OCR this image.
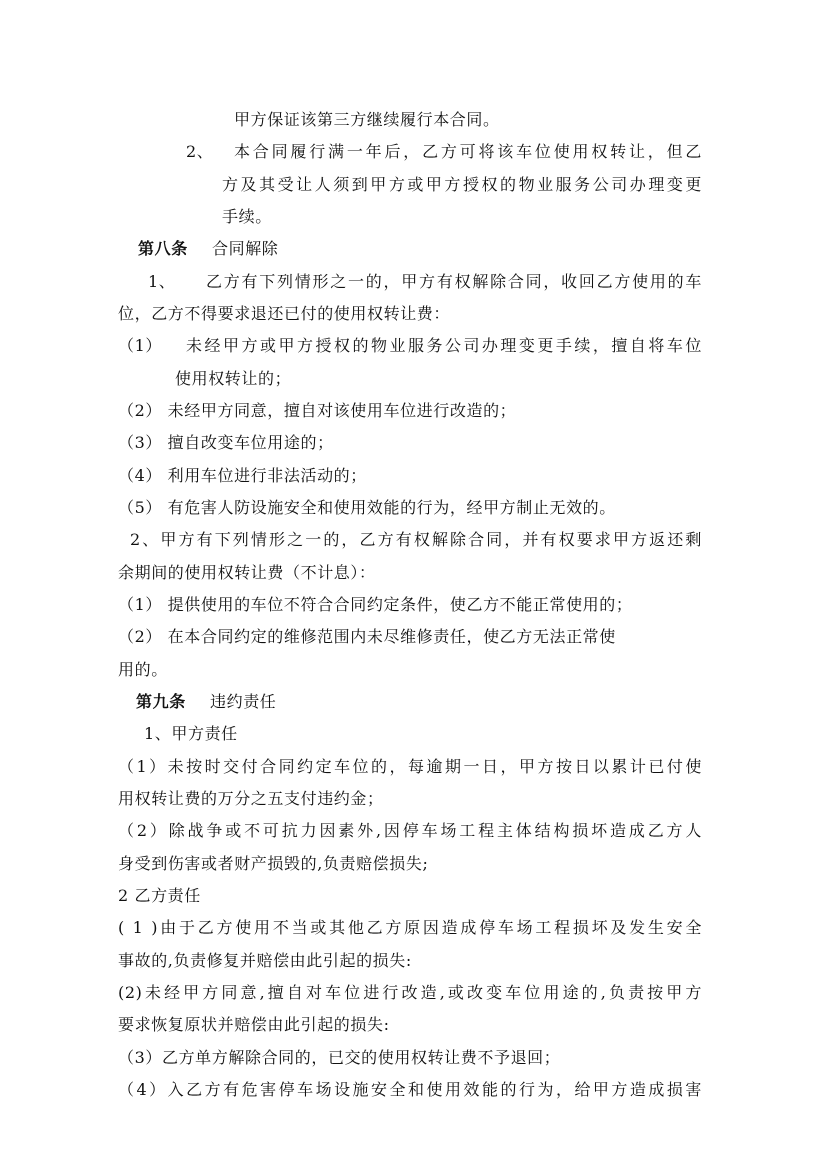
甲方保证该第三方继续履行本合同。
2、 本合同履行满一年后，乙方可将该车位使用权转让，但乙
方及其受让人须到甲方或甲方授权的物业服务公司办理变更
手续。
第八条 合同解除
1、 乙方有下列情形之一的，甲方有权解除合同，收回乙方使用的车
位，乙方不得要求退还已付的使用权转让费：
（1） 未经甲方或甲方授权的物业服务公司办理变更手续，擅自将车位
使用权转让的；
（2） 未经甲方同意，擅自对该使用车位进行改造的；
（3） 擅自改变车位用途的；
（4） 利用车位进行非法活动的；
（5） 有危害人防设施安全和使用效能的行为，经甲方制止无效的。
2、甲方有下列情形之一的，乙方有权解除合同，并有权要求甲方返还剩
余期间的使用权转让费（不计息）：
（1） 提供使用的车位不符合合同约定条件，使乙方不能正常使用的；
（2） 在本合同约定的维修范围内未尽维修责任，使乙方无法正常使
用的。
第九条 违约责任
1、甲方责任
（1）未按时交付合同约定车位的，每逾期一日，甲方按日以累计已付使
用权转让费的万分之五支付违约金；
（2）除战争或不可抗力因素外,因停车场工程主体结构损坏造成乙方人
身受到伤害或者财产损毁的,负责赔偿损失;
2 乙方责任
( 1 )由于乙方使用不当或其他乙方原因造成停车场工程损坏及发生安全
事故的,负责修复并赔偿由此引起的损失:
(2)未经甲方同意,擅自对车位进行改造,或改变车位用途的,负责按甲方
要求恢复原状并赔偿由此引起的损失:
（3）乙方单方解除合同的，已交的使用权转让费不予退回；
（4）入乙方有危害停车场设施安全和使用效能的行为，给甲方造成损害
